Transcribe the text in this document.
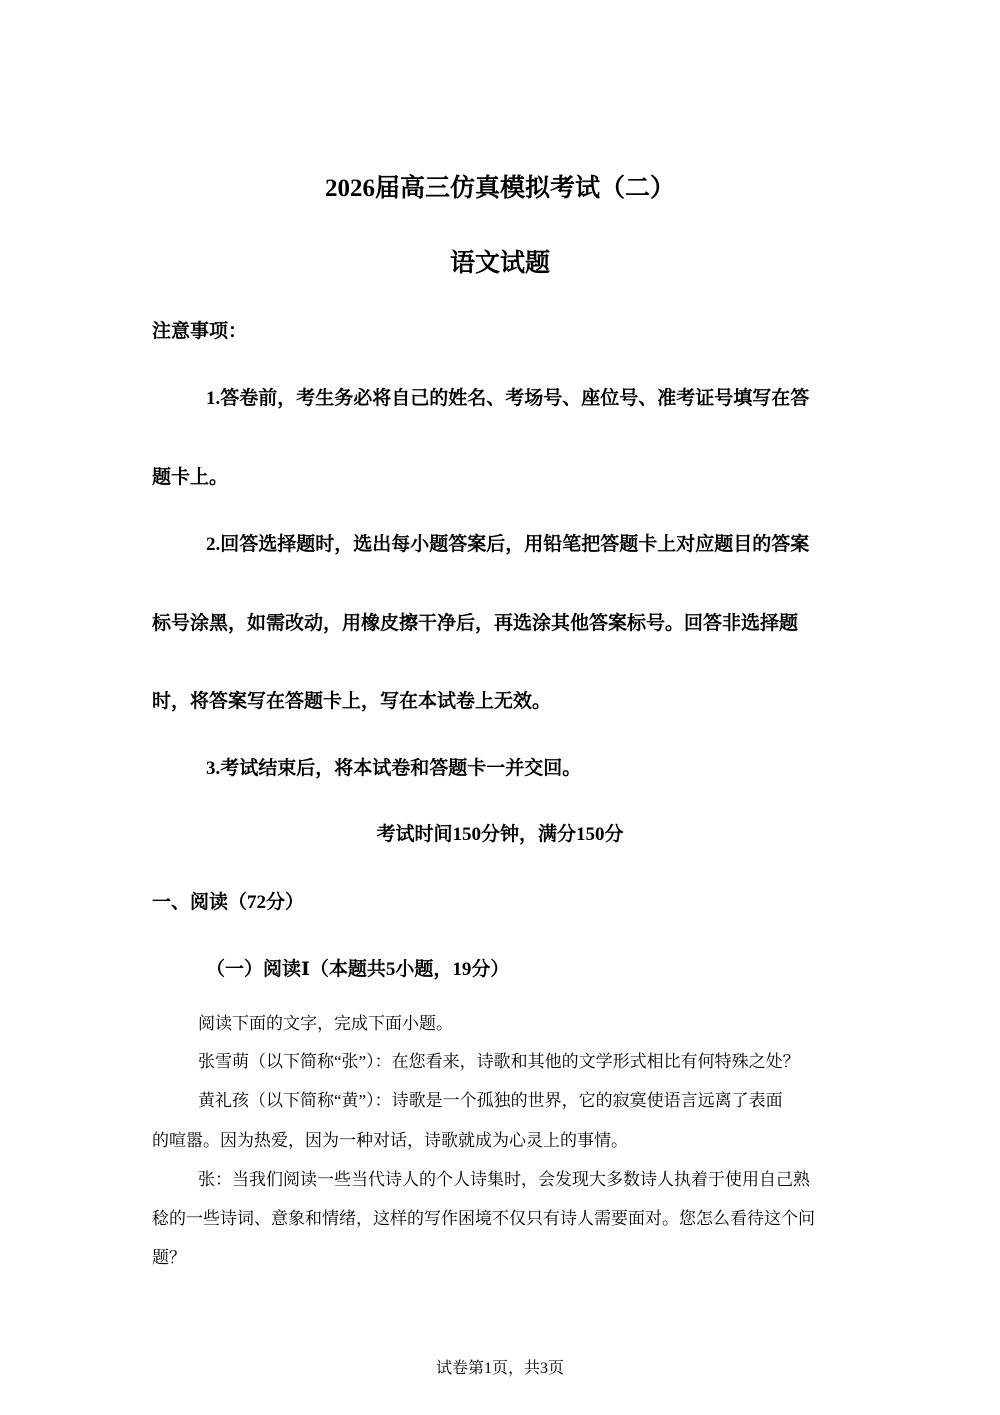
2026届高三仿真模拟考试（二）
语文试题
注意事项：
1.答卷前，考生务必将自己的姓名、考场号、座位号、准考证号填写在答
题卡上。
2.回答选择题时，选出每小题答案后，用铅笔把答题卡上对应题目的答案
标号涂黑，如需改动，用橡皮擦干净后，再选涂其他答案标号。回答非选择题
时，将答案写在答题卡上，写在本试卷上无效。
3.考试结束后，将本试卷和答题卡一并交回。
考试时间150分钟，满分150分
一、阅读（72分）
（一）阅读Ⅰ（本题共5小题，19分）
阅读下面的文字，完成下面小题。
张雪萌（以下简称“张”）：在您看来，诗歌和其他的文学形式相比有何特殊之处？
黄礼孩（以下简称“黄”）：诗歌是一个孤独的世界，它的寂寞使语言远离了表面
的喧嚣。因为热爱，因为一种对话，诗歌就成为心灵上的事情。
张：当我们阅读一些当代诗人的个人诗集时，会发现大多数诗人执着于使用自己熟
稔的一些诗词、意象和情绪，这样的写作困境不仅只有诗人需要面对。您怎么看待这个问
题？
试卷第1页，共3页
